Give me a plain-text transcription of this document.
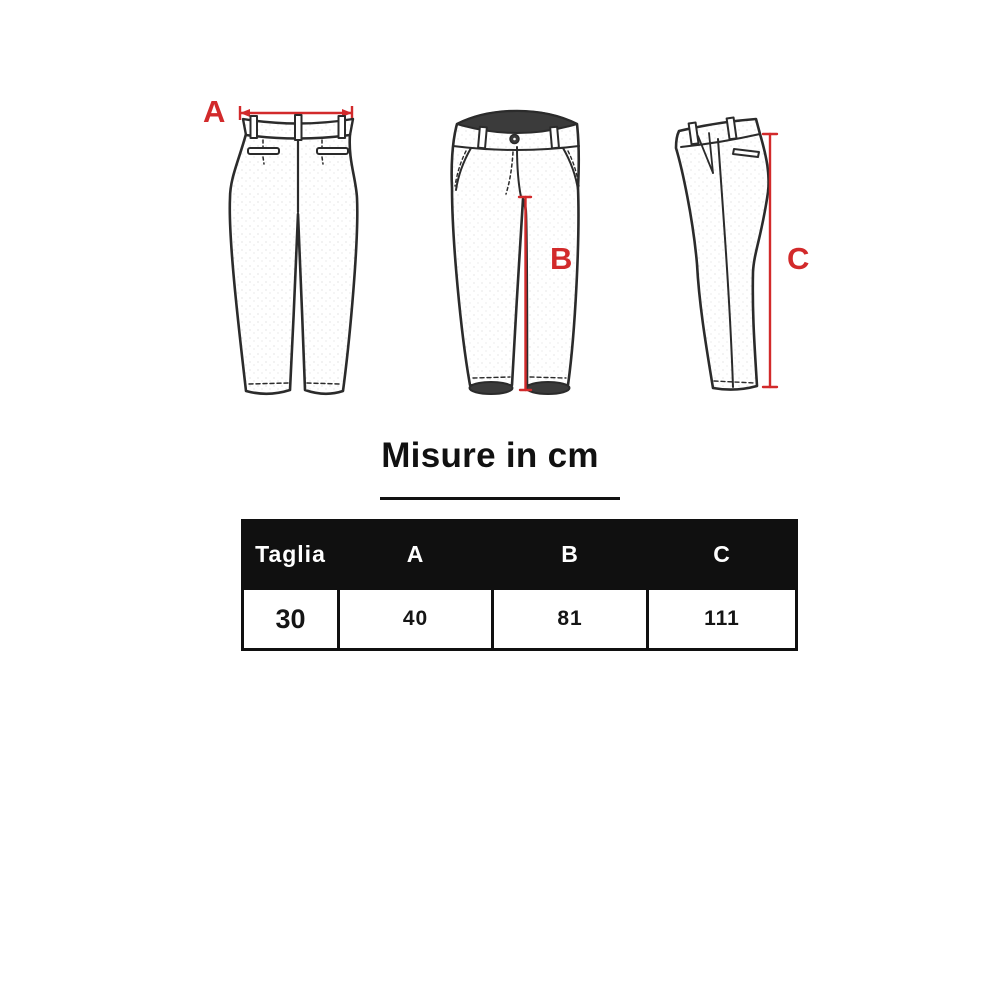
A
B	C
Misure in cm
Taglia	A	B	C
30	40	81	111
